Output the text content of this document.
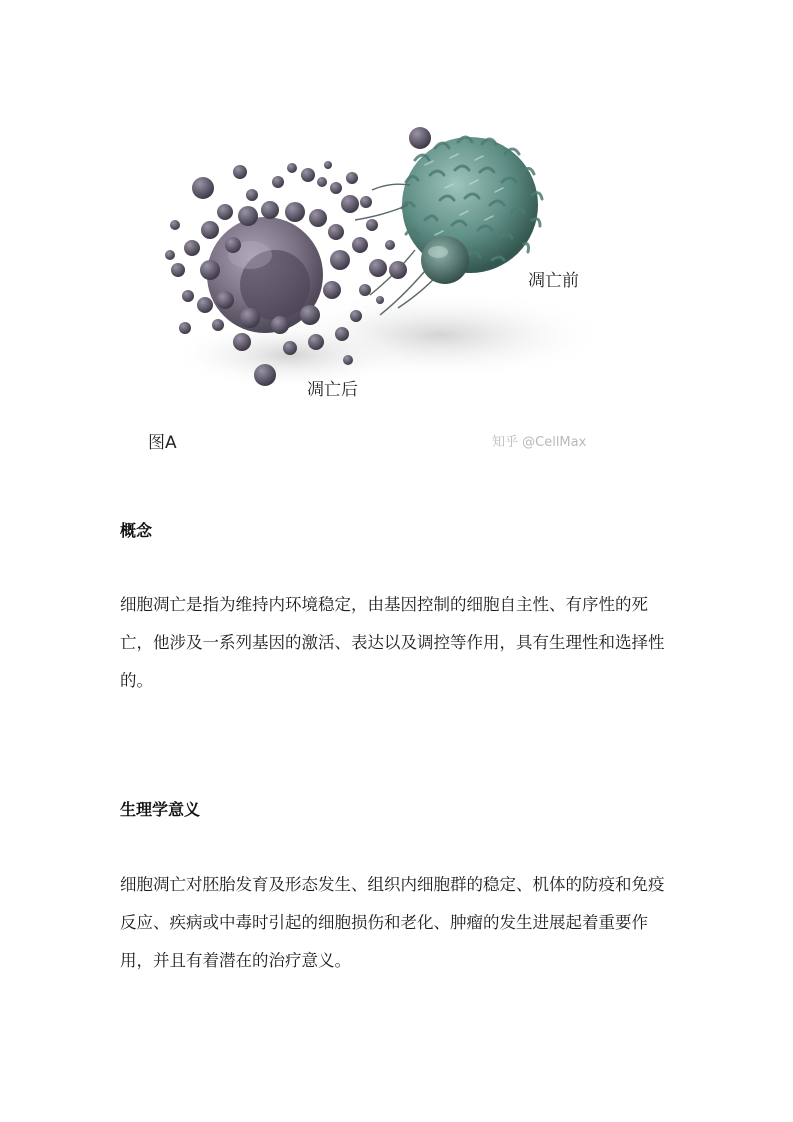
凋亡前
凋亡后
图A	知乎 @CellMax
概念

细胞凋亡是指为维持内环境稳定，由基因控制的细胞自主性、有序性的死亡，他涉及一系列基因的激活、表达以及调控等作用，具有生理性和选择性的。

生理学意义

细胞凋亡对胚胎发育及形态发生、组织内细胞群的稳定、机体的防疫和免疫反应、疾病或中毒时引起的细胞损伤和老化、肿瘤的发生进展起着重要作用，并且有着潜在的治疗意义。
